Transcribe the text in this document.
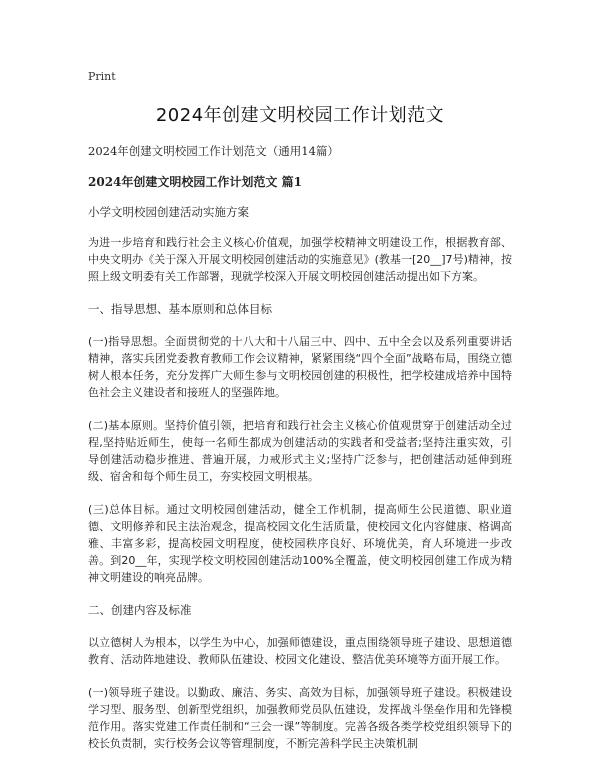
Print
2024年创建文明校园工作计划范文
2024年创建文明校园工作计划范文（通用14篇）
2024年创建文明校园工作计划范文 篇1
小学文明校园创建活动实施方案

为进一步培育和践行社会主义核心价值观，加强学校精神文明建设工作，根据教育部、中央文明办《关于深入开展文明校园创建活动的实施意见》(教基一[20__]7号)精神，按照上级文明委有关工作部署，现就学校深入开展文明校园创建活动提出如下方案。

一、指导思想、基本原则和总体目标

(一)指导思想。全面贯彻党的十八大和十八届三中、四中、五中全会以及系列重要讲话精神，落实兵团党委教育教师工作会议精神，紧紧围绕“四个全面”战略布局，围绕立德树人根本任务，充分发挥广大师生参与文明校园创建的积极性，把学校建成培养中国特色社会主义建设者和接班人的坚强阵地。

(二)基本原则。坚持价值引领，把培育和践行社会主义核心价值观贯穿于创建活动全过程,坚持贴近师生，使每一名师生都成为创建活动的实践者和受益者;坚持注重实效，引导创建活动稳步推进、普遍开展，力戒形式主义;坚持广泛参与，把创建活动延伸到班级、宿舍和每个师生员工，夯实校园文明根基。

(三)总体目标。通过文明校园创建活动，健全工作机制，提高师生公民道德、职业道德、文明修养和民主法治观念，提高校园文化生活质量，使校园文化内容健康、格调高雅、丰富多彩，提高校园文明程度，使校园秩序良好、环境优美，育人环境进一步改善。到20__年，实现学校文明校园创建活动100%全覆盖，使文明校园创建工作成为精神文明建设的响亮品牌。

二、创建内容及标准

以立德树人为根本，以学生为中心，加强师德建设，重点围绕领导班子建设、思想道德教育、活动阵地建设、教师队伍建设、校园文化建设、整洁优美环境等方面开展工作。

(一)领导班子建设。以勤政、廉洁、务实、高效为目标，加强领导班子建设。积极建设学习型、服务型、创新型党组织，加强教师党员队伍建设，发挥战斗堡垒作用和先锋模范作用。落实党建工作责任制和“三会一课”等制度。完善各级各类学校党组织领导下的校长负责制，实行校务会议等管理制度，不断完善科学民主决策机制
